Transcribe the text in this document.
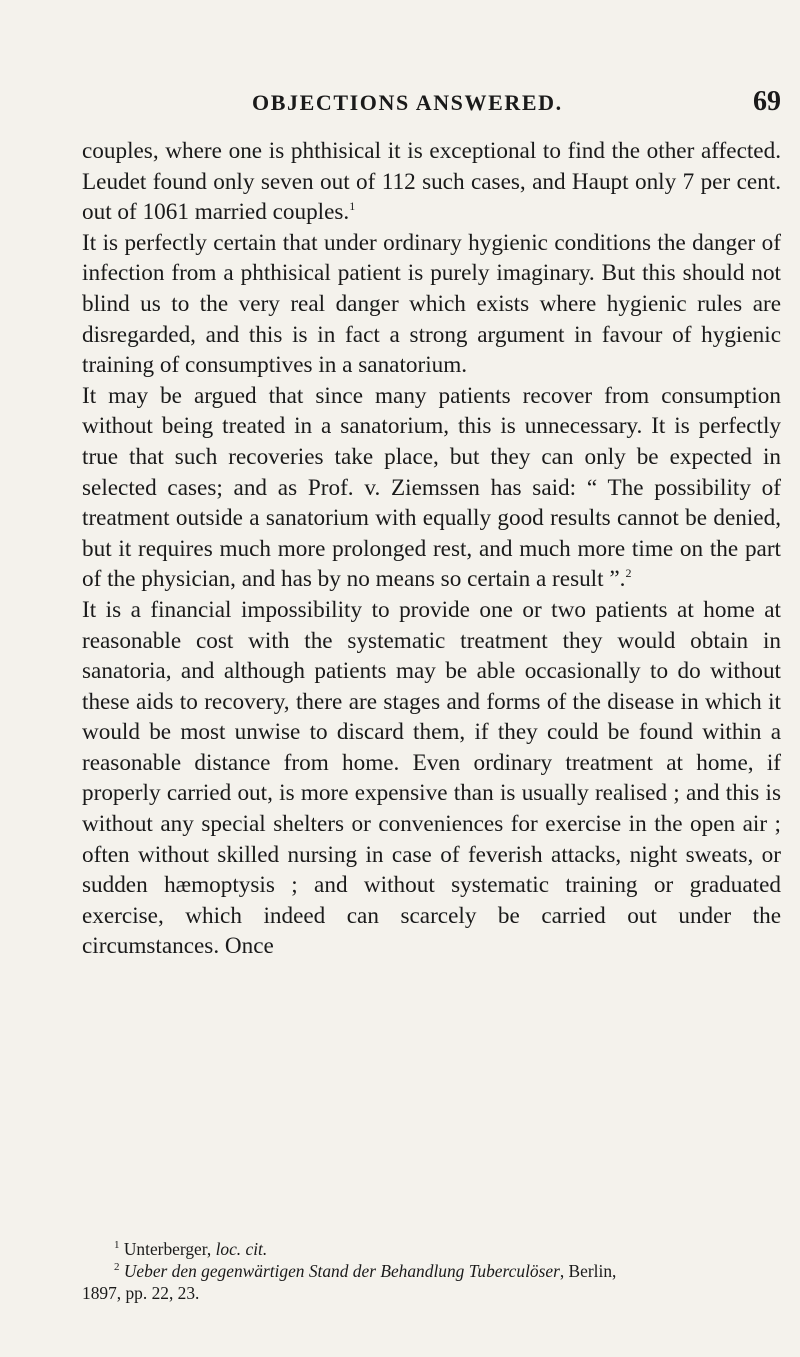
OBJECTIONS ANSWERED.	69

couples, where one is phthisical it is exceptional to find the other affected. Leudet found only seven out of 112 such cases, and Haupt only 7 per cent. out of 1061 married couples.$^1$

It is perfectly certain that under ordinary hygienic conditions the danger of infection from a phthisical patient is purely imaginary. But this should not blind us to the very real danger which exists where hygienic rules are disregarded, and this is in fact a strong argument in favour of hygienic training of consumptives in a sanatorium.

It may be argued that since many patients recover from consumption without being treated in a sanatorium, this is unnecessary. It is perfectly true that such recoveries take place, but they can only be expected in selected cases; and as Prof. v. Ziemssen has said: “ The possibility of treatment outside a sanatorium with equally good results cannot be denied, but it requires much more prolonged rest, and much more time on the part of the physician, and has by no means so certain a result ”.$^2$

It is a financial impossibility to provide one or two patients at home at reasonable cost with the systematic treatment they would obtain in sanatoria, and although patients may be able occasionally to do without these aids to recovery, there are stages and forms of the disease in which it would be most unwise to discard them, if they could be found within a reasonable distance from home. Even ordinary treatment at home, if properly carried out, is more expensive than is usually realised ; and this is without any special shelters or conveniences for exercise in the open air ; often without skilled nursing in case of feverish attacks, night sweats, or sudden hæmoptysis ; and without systematic training or graduated exercise, which indeed can scarcely be carried out under the circumstances. Once

$^1$ Unterberger, loc. cit.

$^2$ Ueber den gegenwärtigen Stand der Behandlung Tuberculöser, Berlin,

1897, pp. 22, 23.
